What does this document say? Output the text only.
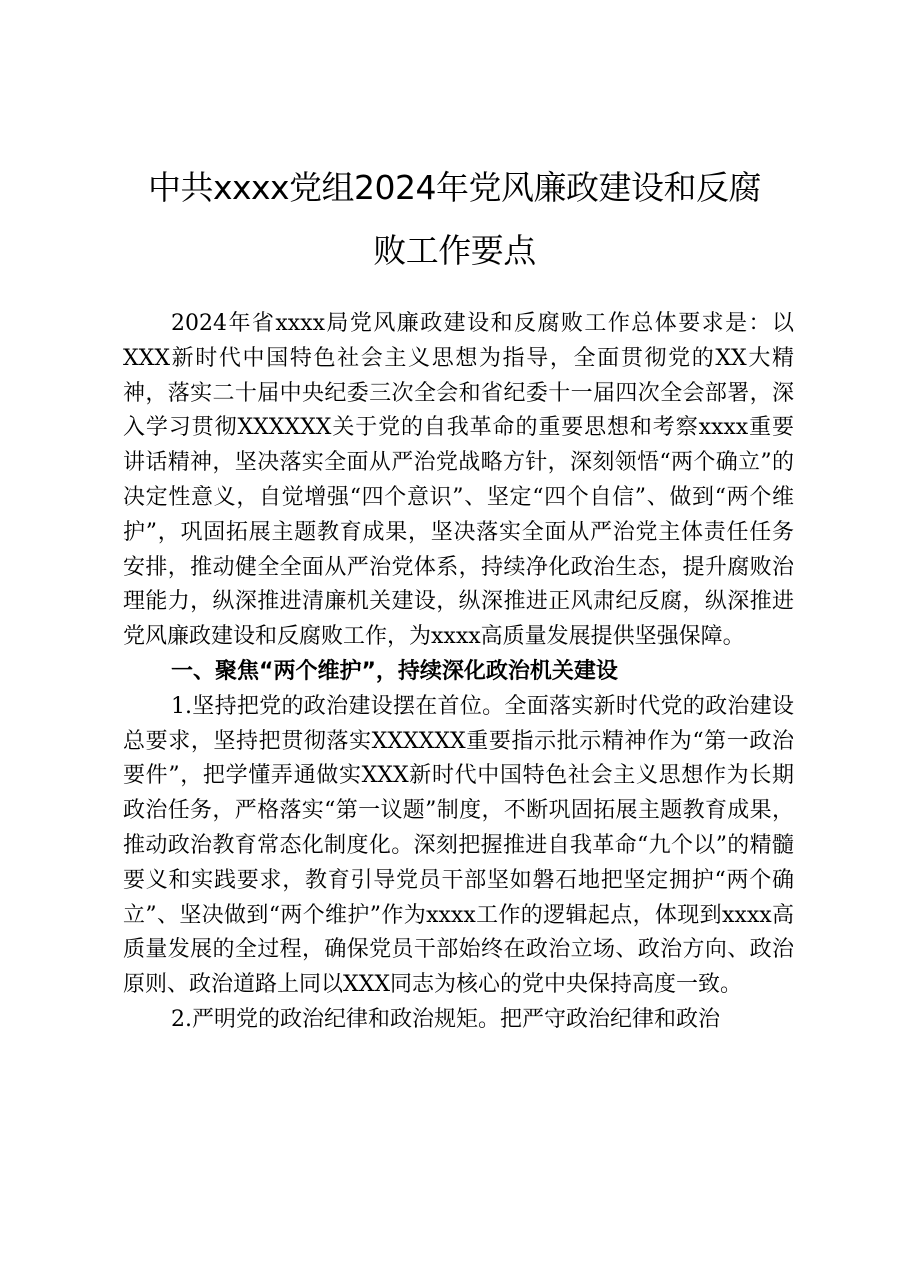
中共xxxx党组2024年党风廉政建设和反腐
败工作要点

2024年省xxxx局党风廉政建设和反腐败工作总体要求是：以XXX新时代中国特色社会主义思想为指导，全面贯彻党的XX大精神，落实二十届中央纪委三次全会和省纪委十一届四次全会部署，深入学习贯彻XXXXXX关于党的自我革命的重要思想和考察xxxx重要讲话精神，坚决落实全面从严治党战略方针，深刻领悟“两个确立”的决定性意义，自觉增强“四个意识”、坚定“四个自信”、做到“两个维护”，巩固拓展主题教育成果，坚决落实全面从严治党主体责任任务安排，推动健全全面从严治党体系，持续净化政治生态，提升腐败治理能力，纵深推进清廉机关建设，纵深推进正风肃纪反腐，纵深推进党风廉政建设和反腐败工作，为xxxx高质量发展提供坚强保障。

一、聚焦“两个维护”，持续深化政治机关建设

1.坚持把党的政治建设摆在首位。全面落实新时代党的政治建设总要求，坚持把贯彻落实XXXXXX重要指示批示精神作为“第一政治要件”，把学懂弄通做实XXX新时代中国特色社会主义思想作为长期政治任务，严格落实“第一议题”制度，不断巩固拓展主题教育成果，推动政治教育常态化制度化。深刻把握推进自我革命“九个以”的精髓要义和实践要求，教育引导党员干部坚如磐石地把坚定拥护“两个确立”、坚决做到“两个维护”作为xxxx工作的逻辑起点，体现到xxxx高质量发展的全过程，确保党员干部始终在政治立场、政治方向、政治原则、政治道路上同以XXX同志为核心的党中央保持高度一致。

2.严明党的政治纪律和政治规矩。把严守政治纪律和政治
